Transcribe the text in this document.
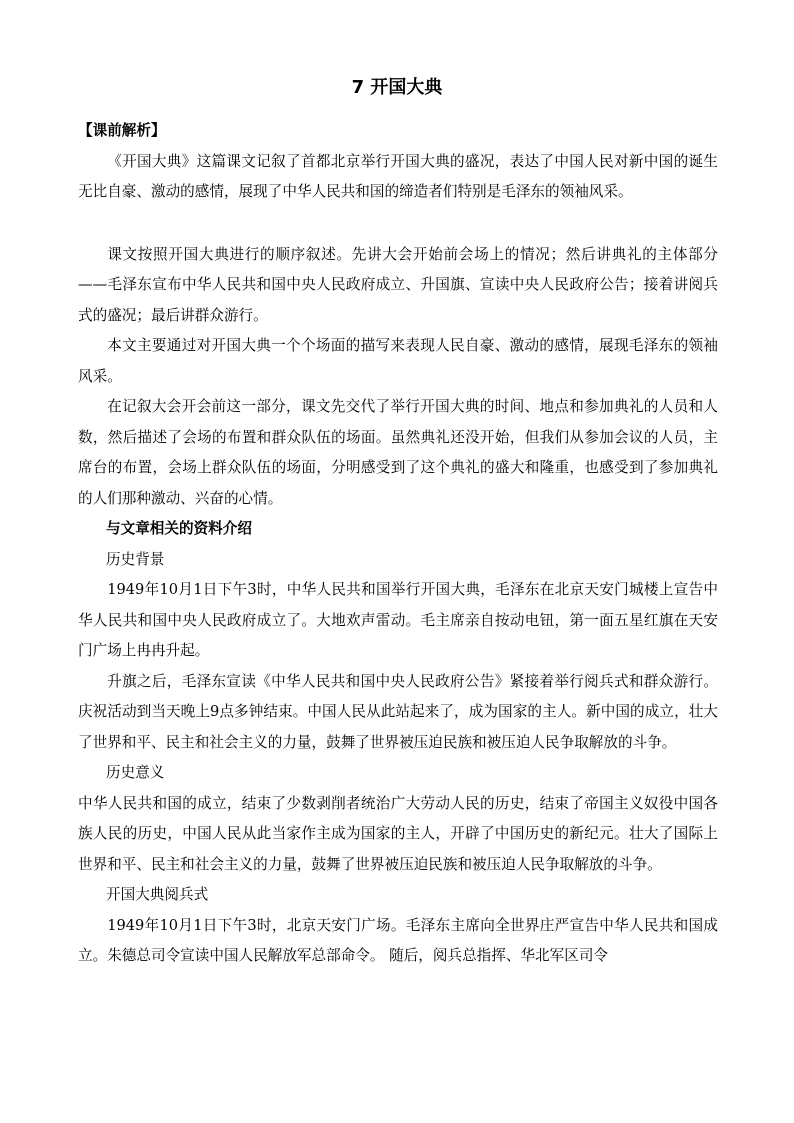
7 开国大典

【课前解析】

《开国大典》这篇课文记叙了首都北京举行开国大典的盛况，表达了中国人民对新中国的诞生无比自豪、激动的感情，展现了中华人民共和国的缔造者们特别是毛泽东的领袖风采。

课文按照开国大典进行的顺序叙述。先讲大会开始前会场上的情况；然后讲典礼的主体部分——毛泽东宣布中华人民共和国中央人民政府成立、升国旗、宣读中央人民政府公告；接着讲阅兵式的盛况；最后讲群众游行。

本文主要通过对开国大典一个个场面的描写来表现人民自豪、激动的感情，展现毛泽东的领袖风采。

在记叙大会开会前这一部分，课文先交代了举行开国大典的时间、地点和参加典礼的人员和人数，然后描述了会场的布置和群众队伍的场面。虽然典礼还没开始，但我们从参加会议的人员，主席台的布置，会场上群众队伍的场面，分明感受到了这个典礼的盛大和隆重，也感受到了参加典礼的人们那种激动、兴奋的心情。

与文章相关的资料介绍

历史背景

1949年10月1日下午3时，中华人民共和国举行开国大典，毛泽东在北京天安门城楼上宣告中华人民共和国中央人民政府成立了。大地欢声雷动。毛主席亲自按动电钮，第一面五星红旗在天安门广场上冉冉升起。

升旗之后，毛泽东宣读《中华人民共和国中央人民政府公告》紧接着举行阅兵式和群众游行。庆祝活动到当天晚上9点多钟结束。中国人民从此站起来了，成为国家的主人。新中国的成立，壮大了世界和平、民主和社会主义的力量，鼓舞了世界被压迫民族和被压迫人民争取解放的斗争。

历史意义

中华人民共和国的成立，结束了少数剥削者统治广大劳动人民的历史，结束了帝国主义奴役中国各族人民的历史，中国人民从此当家作主成为国家的主人，开辟了中国历史的新纪元。壮大了国际上世界和平、民主和社会主义的力量，鼓舞了世界被压迫民族和被压迫人民争取解放的斗争。

开国大典阅兵式

1949年10月1日下午3时，北京天安门广场。毛泽东主席向全世界庄严宣告中华人民共和国成立。朱德总司令宣读中国人民解放军总部命令。 随后，阅兵总指挥、华北军区司令
